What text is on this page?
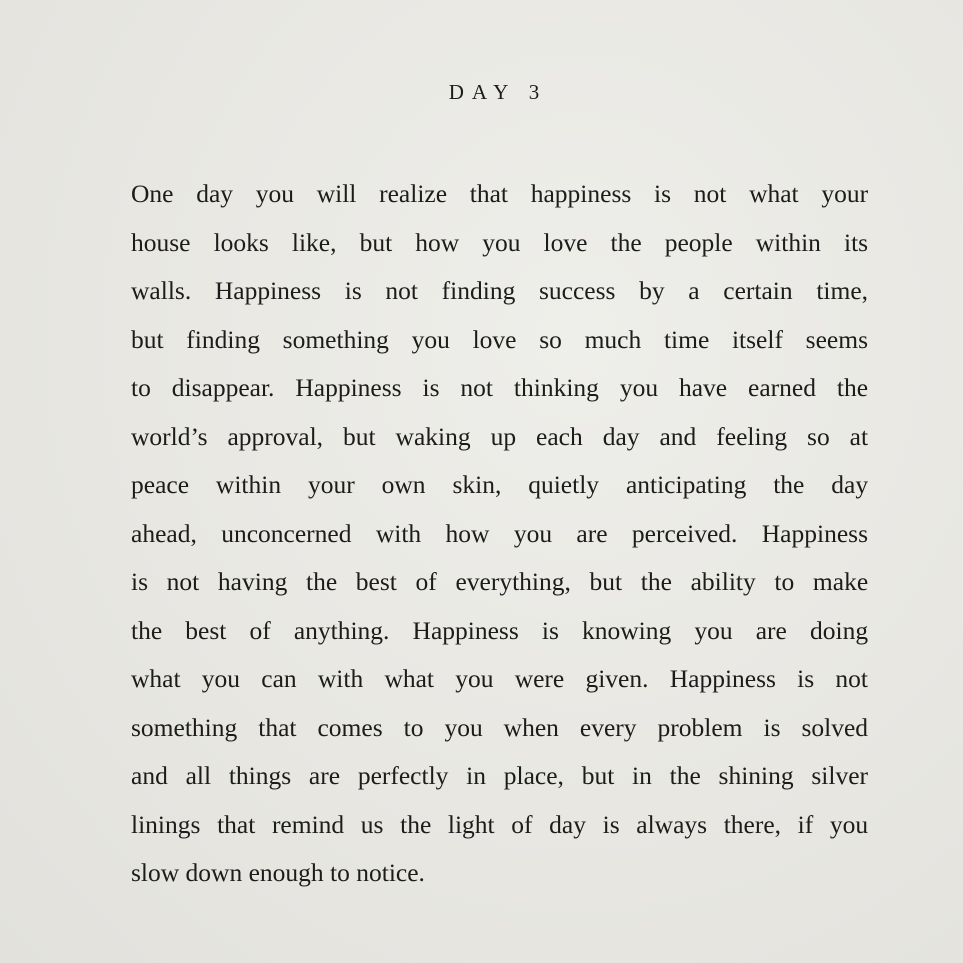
DAY 3
One day you will realize that happiness is not what your
house looks like, but how you love the people within its
walls. Happiness is not finding success by a certain time,
but finding something you love so much time itself seems
to disappear. Happiness is not thinking you have earned the
world’s approval, but waking up each day and feeling so at
peace within your own skin, quietly anticipating the day
ahead, unconcerned with how you are perceived. Happiness
is not having the best of everything, but the ability to make
the best of anything. Happiness is knowing you are doing
what you can with what you were given. Happiness is not
something that comes to you when every problem is solved
and all things are perfectly in place, but in the shining silver
linings that remind us the light of day is always there, if you
slow down enough to notice.
